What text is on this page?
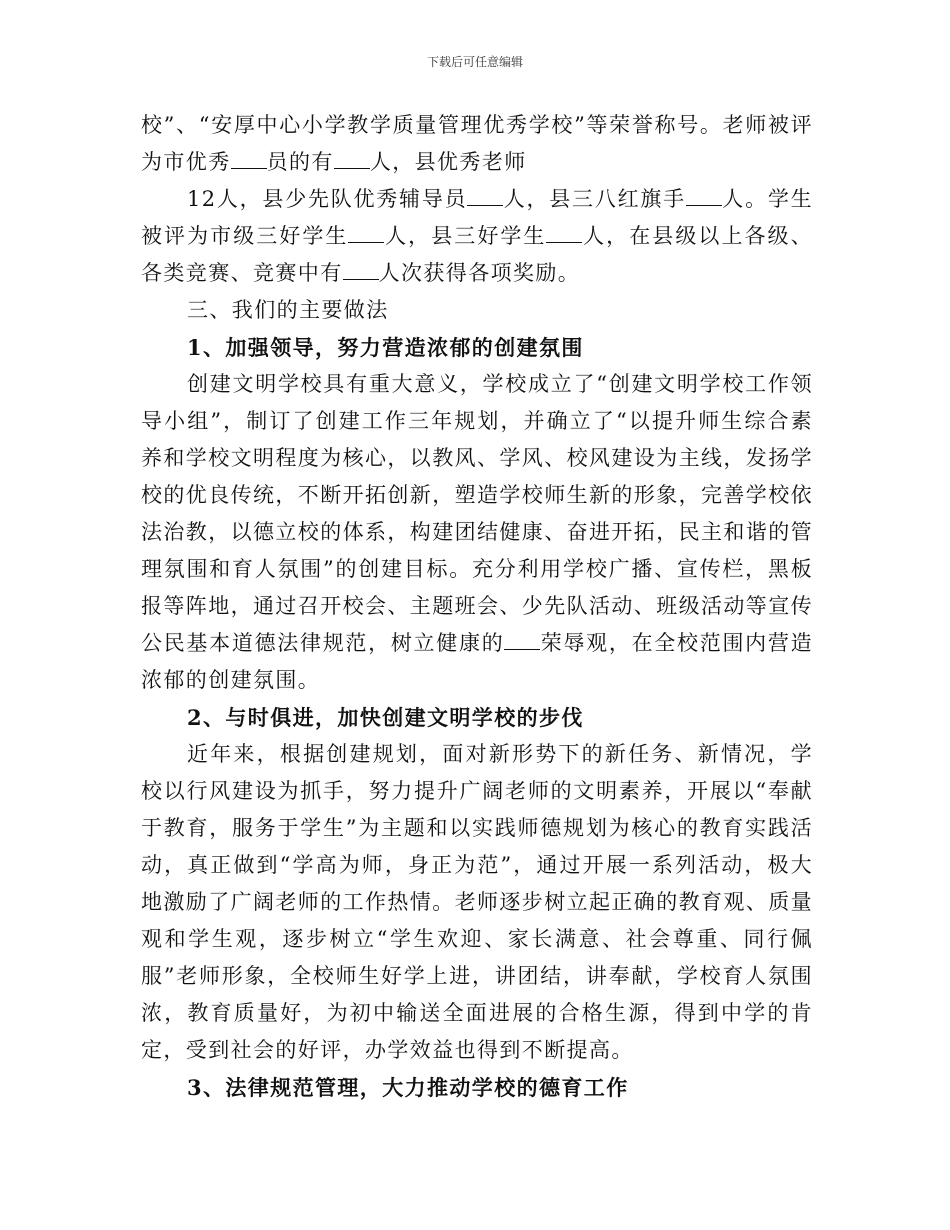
下载后可任意编辑

校”、“安厚中心小学教学质量管理优秀学校”等荣誉称号。老师被评为市优秀 员的有 人，县优秀老师

12人，县少先队优秀辅导员 人，县三八红旗手 人。学生被评为市级三好学生 人，县三好学生 人，在县级以上各级、各类竞赛、竞赛中有 人次获得各项奖励。

三、我们的主要做法

1、加强领导，努力营造浓郁的创建氛围

创建文明学校具有重大意义，学校成立了“创建文明学校工作领导小组”，制订了创建工作三年规划，并确立了“以提升师生综合素养和学校文明程度为核心，以教风、学风、校风建设为主线，发扬学校的优良传统，不断开拓创新，塑造学校师生新的形象，完善学校依法治教，以德立校的体系，构建团结健康、奋进开拓，民主和谐的管理氛围和育人氛围”的创建目标。充分利用学校广播、宣传栏，黑板报等阵地，通过召开校会、主题班会、少先队活动、班级活动等宣传公民基本道德法律规范，树立健康的 荣辱观，在全校范围内营造浓郁的创建氛围。

2、与时俱进，加快创建文明学校的步伐

近年来，根据创建规划，面对新形势下的新任务、新情况，学校以行风建设为抓手，努力提升广阔老师的文明素养，开展以“奉献于教育，服务于学生”为主题和以实践师德规划为核心的教育实践活动，真正做到“学高为师，身正为范”，通过开展一系列活动，极大地激励了广阔老师的工作热情。老师逐步树立起正确的教育观、质量观和学生观，逐步树立“学生欢迎、家长满意、社会尊重、同行佩服”老师形象，全校师生好学上进，讲团结，讲奉献，学校育人氛围浓，教育质量好，为初中输送全面进展的合格生源，得到中学的肯定，受到社会的好评，办学效益也得到不断提高。

3、法律规范管理，大力推动学校的德育工作
